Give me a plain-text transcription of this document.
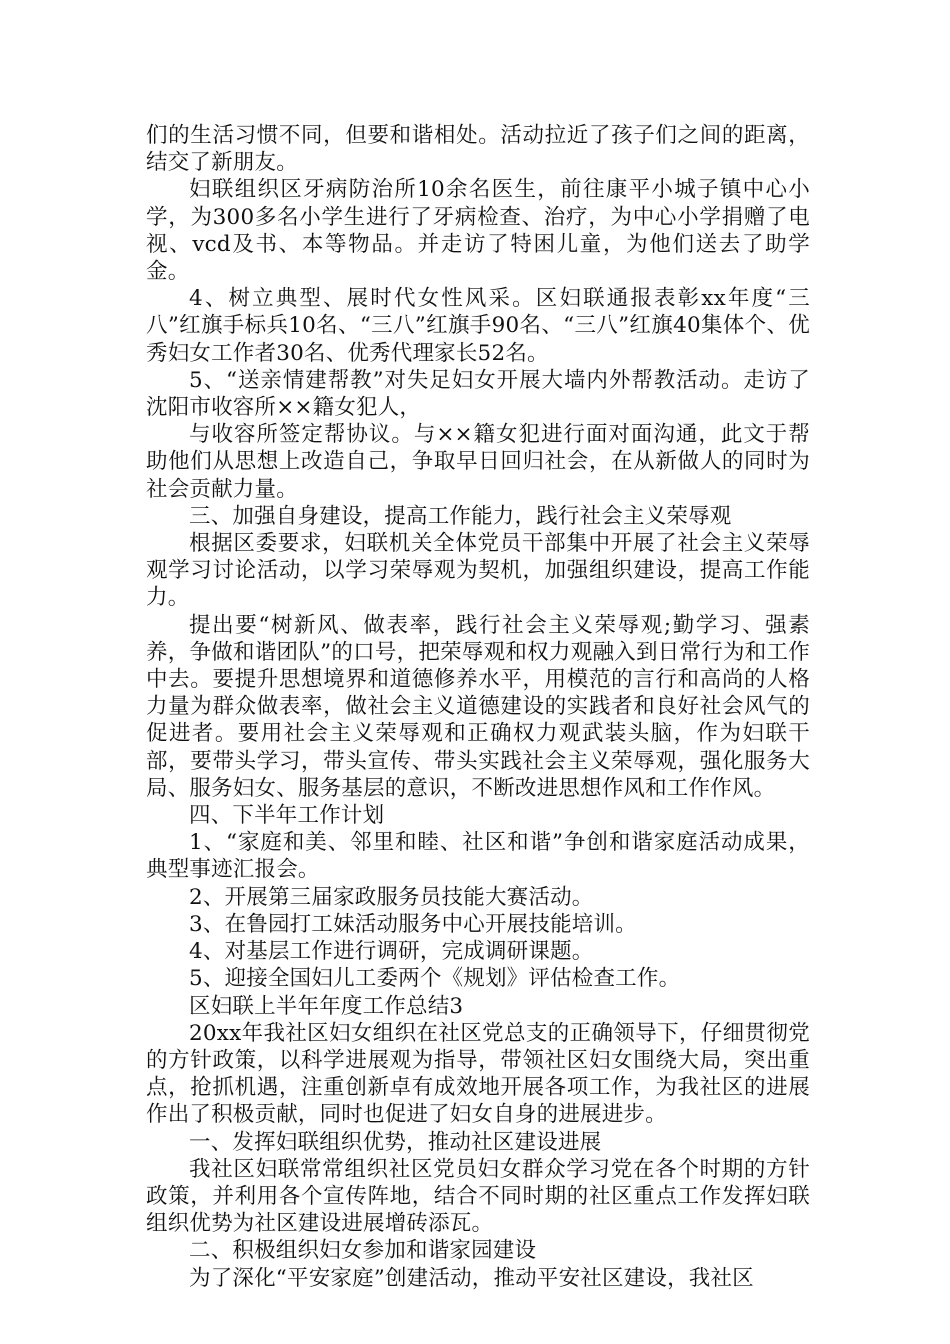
们的生活习惯不同，但要和谐相处。活动拉近了孩子们之间的距离，结交了新朋友。

妇联组织区牙病防治所10余名医生，前往康平小城子镇中心小学，为300多名小学生进行了牙病检查、治疗，为中心小学捐赠了电视、vcd及书、本等物品。并走访了特困儿童，为他们送去了助学金。

4、树立典型、展时代女性风采。区妇联通报表彰xx年度“三八”红旗手标兵10名、“三八”红旗手90名、“三八”红旗40集体个、优秀妇女工作者30名、优秀代理家长52名。

5、“送亲情建帮教”对失足妇女开展大墙内外帮教活动。走访了沈阳市收容所××籍女犯人，

与收容所签定帮协议。与××籍女犯进行面对面沟通，此文于帮助他们从思想上改造自己，争取早日回归社会，在从新做人的同时为社会贡献力量。

三、加强自身建设，提高工作能力，践行社会主义荣辱观

根据区委要求，妇联机关全体党员干部集中开展了社会主义荣辱观学习讨论活动，以学习荣辱观为契机，加强组织建设，提高工作能力。

提出要“树新风、做表率，践行社会主义荣辱观;勤学习、强素养，争做和谐团队”的口号，把荣辱观和权力观融入到日常行为和工作中去。要提升思想境界和道德修养水平，用模范的言行和高尚的人格力量为群众做表率，做社会主义道德建设的实践者和良好社会风气的促进者。要用社会主义荣辱观和正确权力观武装头脑，作为妇联干部，要带头学习，带头宣传、带头实践社会主义荣辱观，强化服务大局、服务妇女、服务基层的意识，不断改进思想作风和工作作风。

四、下半年工作计划

1、“家庭和美、邻里和睦、社区和谐”争创和谐家庭活动成果，典型事迹汇报会。

2、开展第三届家政服务员技能大赛活动。

3、在鲁园打工妹活动服务中心开展技能培训。

4、对基层工作进行调研，完成调研课题。

5、迎接全国妇儿工委两个《规划》评估检查工作。

区妇联上半年年度工作总结3

20xx年我社区妇女组织在社区党总支的正确领导下，仔细贯彻党的方针政策，以科学进展观为指导，带领社区妇女围绕大局，突出重点，抢抓机遇，注重创新卓有成效地开展各项工作，为我社区的进展作出了积极贡献，同时也促进了妇女自身的进展进步。

一、发挥妇联组织优势，推动社区建设进展

我社区妇联常常组织社区党员妇女群众学习党在各个时期的方针政策，并利用各个宣传阵地，结合不同时期的社区重点工作发挥妇联组织优势为社区建设进展增砖添瓦。

二、积极组织妇女参加和谐家园建设

为了深化“平安家庭”创建活动，推动平安社区建设，我社区
